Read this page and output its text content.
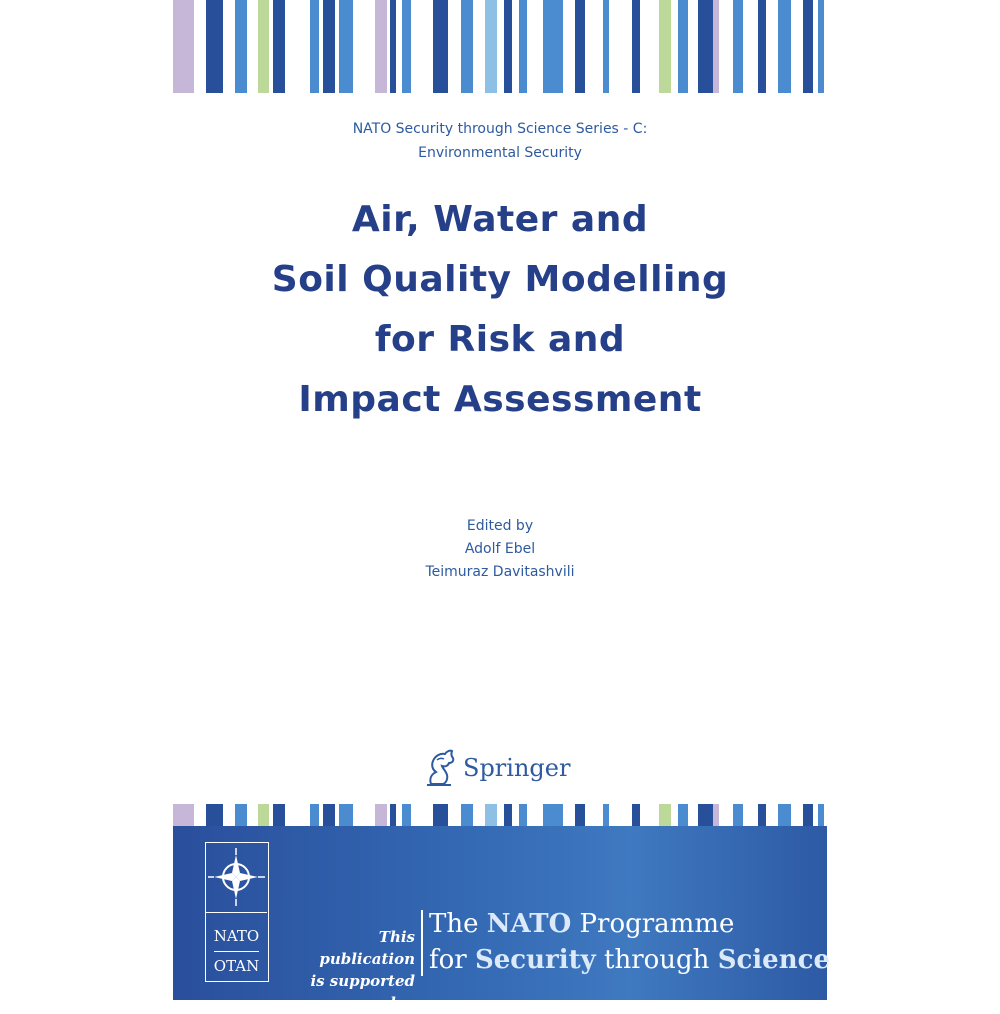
NATO Security through Science Series - C:
Environmental Security
Air, Water and
Soil Quality Modelling
for Risk and
Impact Assessment
Edited by
Adolf Ebel
Teimuraz Davitashvili
Springer
NATO
OTAN
This publication
is supported by:
The NATO Programme
for Security through Science
